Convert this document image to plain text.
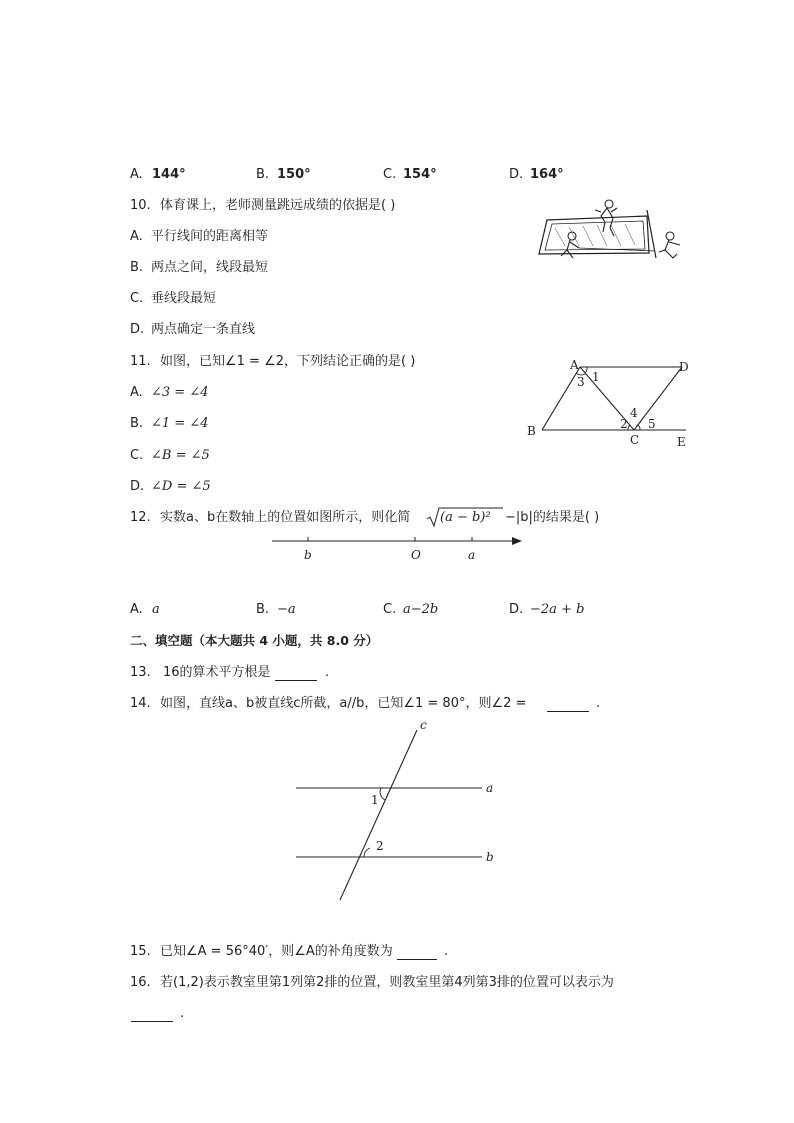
A. 144°	B. 150°	C. 154°	D. 164°
10. 体育课上，老师测量跳远成绩的依据是( )
A. 平行线间的距离相等
B. 两点之间，线段最短
C. 垂线段最短
D. 两点确定一条直线
11. 如图，已知∠1 = ∠2，下列结论正确的是( )
A. ∠3 = ∠4
B. ∠1 = ∠4
C. ∠B = ∠5
D. ∠D = ∠5
A	D
B
C	E
1
2
3
4
5
12. 实数a、b在数轴上的位置如图所示，则化简 (a − b)² −|b|的结果是( )
b	O	a
A. a	B. −a	C. a−2b	D. −2a + b
二、填空题（本大题共 4 小题，共 8.0 分）
13. 16的算术平方根是	.
14. 如图，直线a、b被直线c所截，a//b，已知∠1 = 80°，则∠2 =	.
c
a
b
1
2
15. 已知∠A = 56°40′，则∠A的补角度数为	.
16. 若(1,2)表示教室里第1列第2排的位置，则教室里第4列第3排的位置可以表示为
.
